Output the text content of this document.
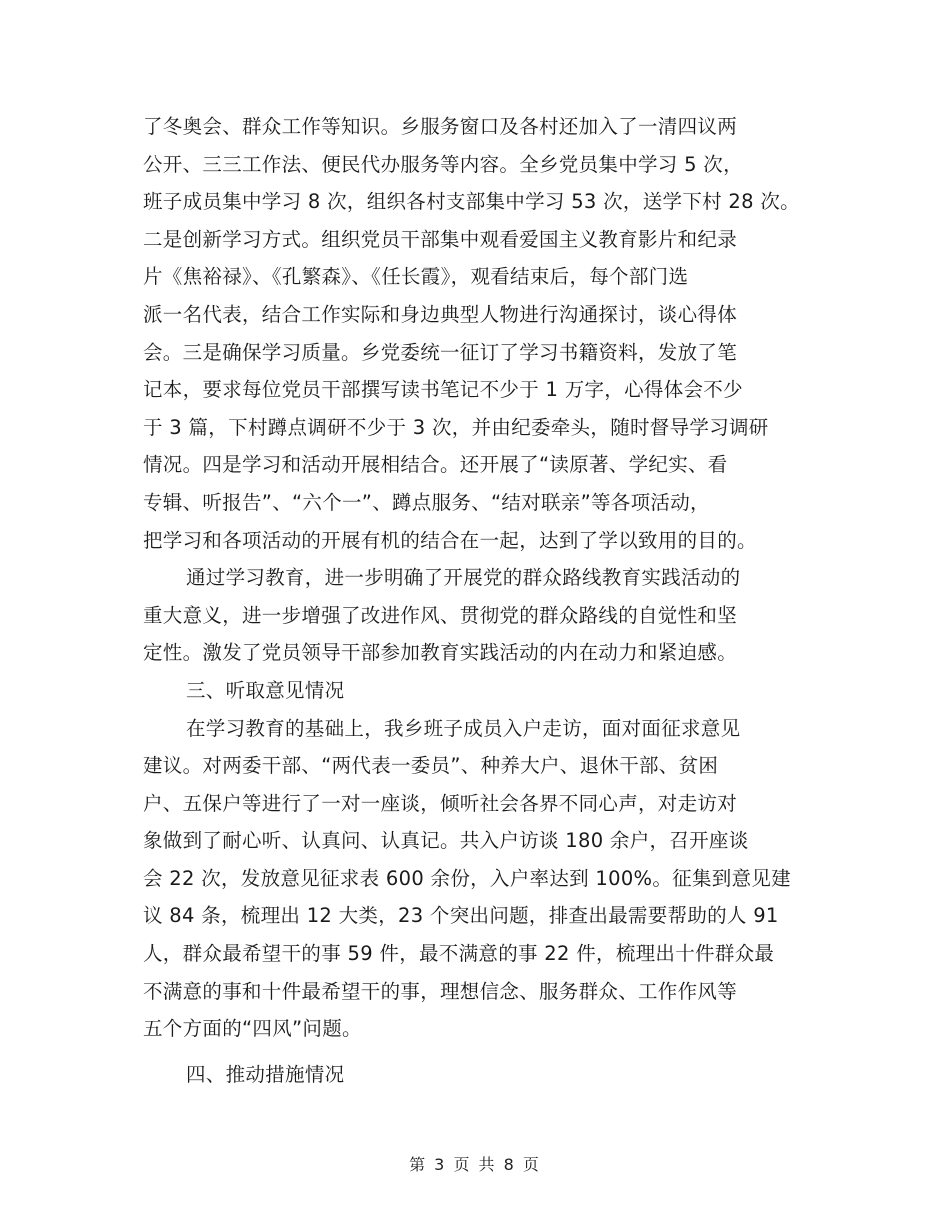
了冬奥会、群众工作等知识。乡服务窗口及各村还加入了一清四议两
公开、三三工作法、便民代办服务等内容。全乡党员集中学习 5 次，
班子成员集中学习 8 次，组织各村支部集中学习 53 次，送学下村 28 次。
二是创新学习方式。组织党员干部集中观看爱国主义教育影片和纪录
片《焦裕禄》、《孔繁森》、《任长霞》，观看结束后，每个部门选
派一名代表，结合工作实际和身边典型人物进行沟通探讨，谈心得体
会。三是确保学习质量。乡党委统一征订了学习书籍资料，发放了笔
记本，要求每位党员干部撰写读书笔记不少于 1 万字，心得体会不少
于 3 篇，下村蹲点调研不少于 3 次，并由纪委牵头，随时督导学习调研
情况。四是学习和活动开展相结合。还开展了“读原著、学纪实、看
专辑、听报告”、“六个一”、蹲点服务、“结对联亲”等各项活动，
把学习和各项活动的开展有机的结合在一起，达到了学以致用的目的。
通过学习教育，进一步明确了开展党的群众路线教育实践活动的
重大意义，进一步增强了改进作风、贯彻党的群众路线的自觉性和坚
定性。激发了党员领导干部参加教育实践活动的内在动力和紧迫感。
三、听取意见情况
在学习教育的基础上，我乡班子成员入户走访，面对面征求意见
建议。对两委干部、“两代表一委员”、种养大户、退休干部、贫困
户、五保户等进行了一对一座谈，倾听社会各界不同心声，对走访对
象做到了耐心听、认真问、认真记。共入户访谈 180 余户，召开座谈
会 22 次，发放意见征求表 600 余份，入户率达到 100%。征集到意见建
议 84 条，梳理出 12 大类，23 个突出问题，排查出最需要帮助的人 91
人，群众最希望干的事 59 件，最不满意的事 22 件，梳理出十件群众最
不满意的事和十件最希望干的事，理想信念、服务群众、工作作风等
五个方面的“四风”问题。
四、推动措施情况
第 3 页 共 8 页
